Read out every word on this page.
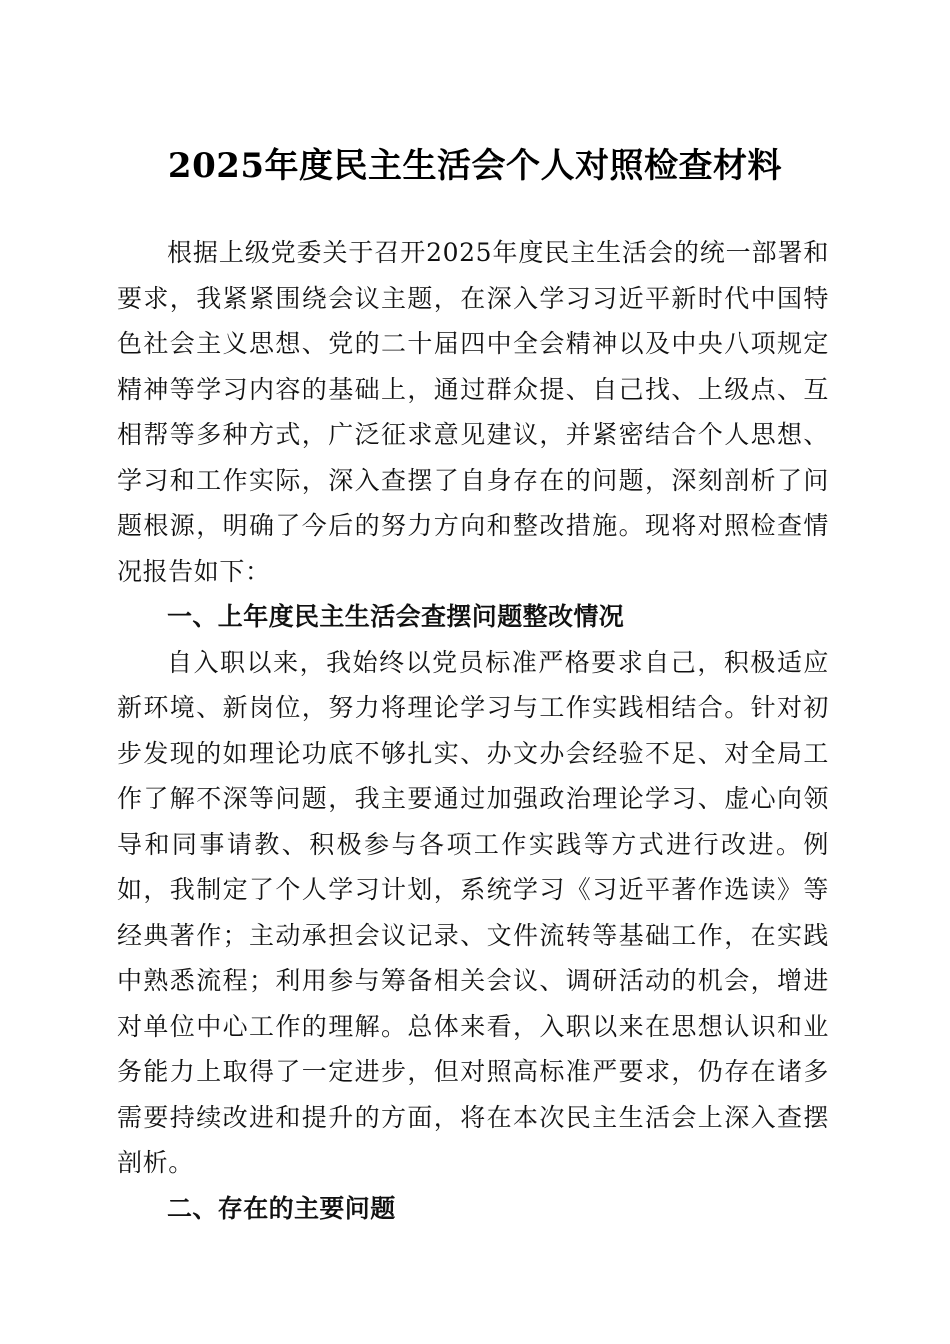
2025年度民主生活会个人对照检查材料

根据上级党委关于召开2025年度民主生活会的统一部署和要求，我紧紧围绕会议主题，在深入学习习近平新时代中国特色社会主义思想、党的二十届四中全会精神以及中央八项规定精神等学习内容的基础上，通过群众提、自己找、上级点、互相帮等多种方式，广泛征求意见建议，并紧密结合个人思想、学习和工作实际，深入查摆了自身存在的问题，深刻剖析了问题根源，明确了今后的努力方向和整改措施。现将对照检查情况报告如下：

一、上年度民主生活会查摆问题整改情况

自入职以来，我始终以党员标准严格要求自己，积极适应新环境、新岗位，努力将理论学习与工作实践相结合。针对初步发现的如理论功底不够扎实、办文办会经验不足、对全局工作了解不深等问题，我主要通过加强政治理论学习、虚心向领导和同事请教、积极参与各项工作实践等方式进行改进。例如，我制定了个人学习计划，系统学习《习近平著作选读》等经典著作；主动承担会议记录、文件流转等基础工作，在实践中熟悉流程；利用参与筹备相关会议、调研活动的机会，增进对单位中心工作的理解。总体来看，入职以来在思想认识和业务能力上取得了一定进步，但对照高标准严要求，仍存在诸多需要持续改进和提升的方面，将在本次民主生活会上深入查摆剖析。

二、存在的主要问题
